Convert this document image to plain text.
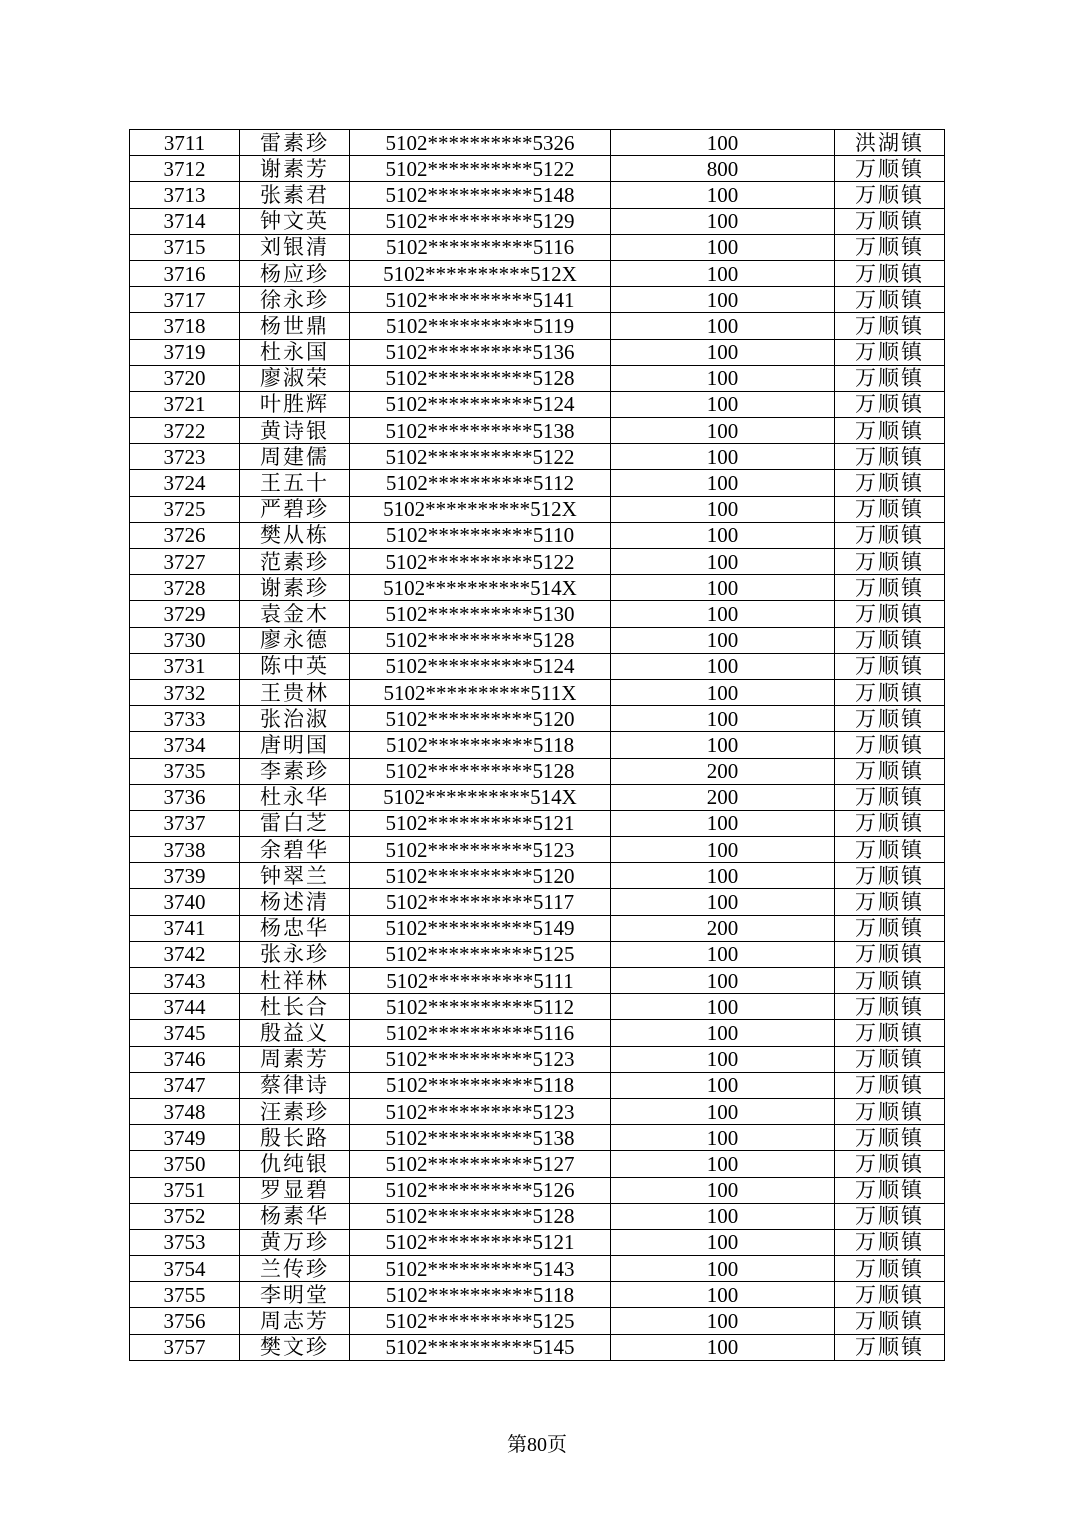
3711	雷素珍	5102**********5326	100	洪湖镇
3712	谢素芳	5102**********5122	800	万顺镇
3713	张素君	5102**********5148	100	万顺镇
3714	钟文英	5102**********5129	100	万顺镇
3715	刘银清	5102**********5116	100	万顺镇
3716	杨应珍	5102**********512X	100	万顺镇
3717	徐永珍	5102**********5141	100	万顺镇
3718	杨世鼎	5102**********5119	100	万顺镇
3719	杜永国	5102**********5136	100	万顺镇
3720	廖淑荣	5102**********5128	100	万顺镇
3721	叶胜辉	5102**********5124	100	万顺镇
3722	黄诗银	5102**********5138	100	万顺镇
3723	周建儒	5102**********5122	100	万顺镇
3724	王五十	5102**********5112	100	万顺镇
3725	严碧珍	5102**********512X	100	万顺镇
3726	樊从栋	5102**********5110	100	万顺镇
3727	范素珍	5102**********5122	100	万顺镇
3728	谢素珍	5102**********514X	100	万顺镇
3729	袁金木	5102**********5130	100	万顺镇
3730	廖永德	5102**********5128	100	万顺镇
3731	陈中英	5102**********5124	100	万顺镇
3732	王贵林	5102**********511X	100	万顺镇
3733	张治淑	5102**********5120	100	万顺镇
3734	唐明国	5102**********5118	100	万顺镇
3735	李素珍	5102**********5128	200	万顺镇
3736	杜永华	5102**********514X	200	万顺镇
3737	雷白芝	5102**********5121	100	万顺镇
3738	余碧华	5102**********5123	100	万顺镇
3739	钟翠兰	5102**********5120	100	万顺镇
3740	杨述清	5102**********5117	100	万顺镇
3741	杨忠华	5102**********5149	200	万顺镇
3742	张永珍	5102**********5125	100	万顺镇
3743	杜祥林	5102**********5111	100	万顺镇
3744	杜长合	5102**********5112	100	万顺镇
3745	殷益义	5102**********5116	100	万顺镇
3746	周素芳	5102**********5123	100	万顺镇
3747	蔡律诗	5102**********5118	100	万顺镇
3748	汪素珍	5102**********5123	100	万顺镇
3749	殷长路	5102**********5138	100	万顺镇
3750	仇纯银	5102**********5127	100	万顺镇
3751	罗显碧	5102**********5126	100	万顺镇
3752	杨素华	5102**********5128	100	万顺镇
3753	黄万珍	5102**********5121	100	万顺镇
3754	兰传珍	5102**********5143	100	万顺镇
3755	李明堂	5102**********5118	100	万顺镇
3756	周志芳	5102**********5125	100	万顺镇
3757	樊文珍	5102**********5145	100	万顺镇
第80页
